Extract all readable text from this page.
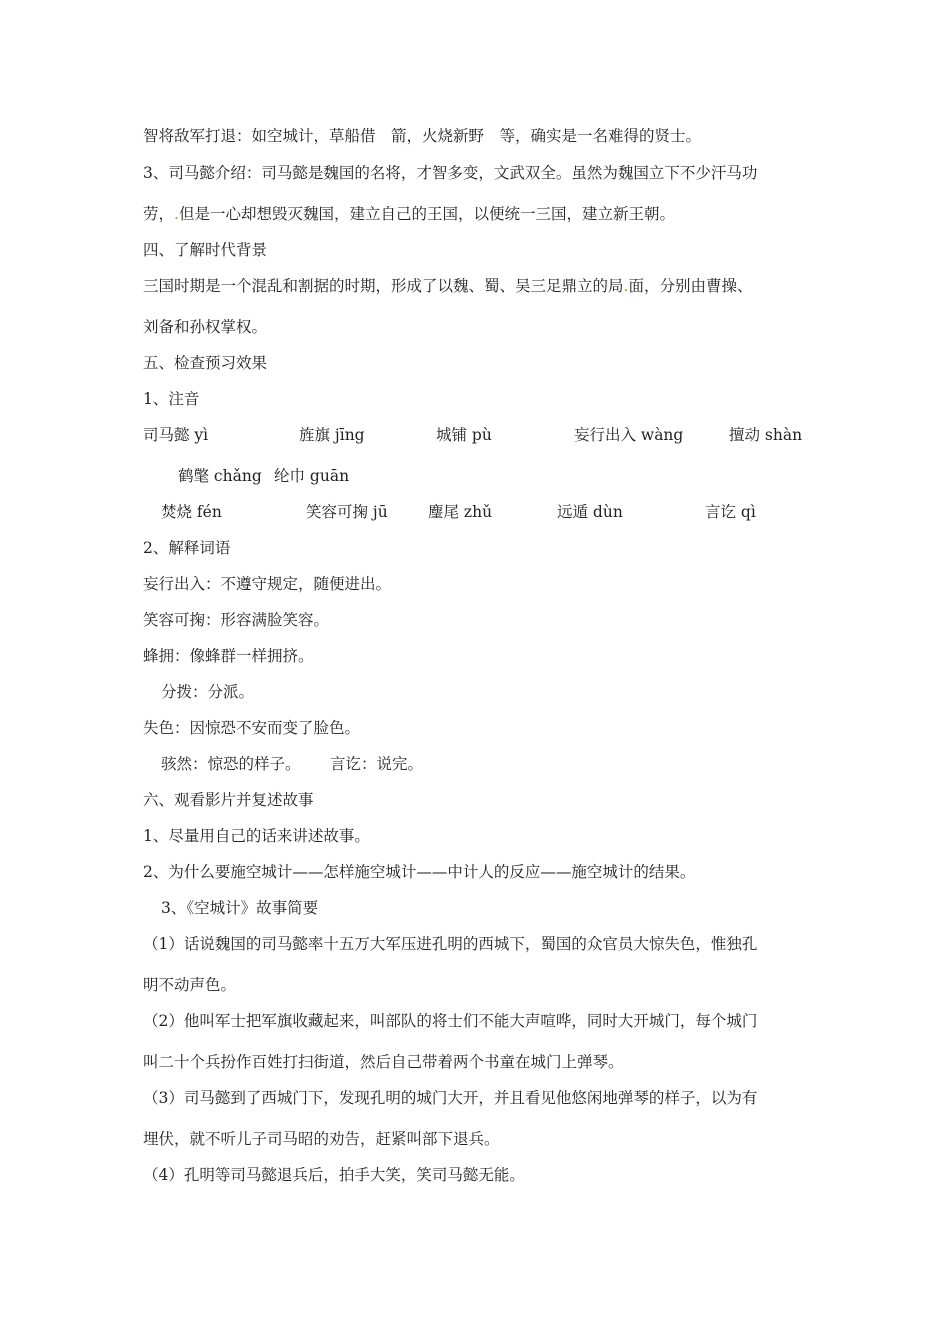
智将敌军打退：如空城计，草船借　箭，火烧新野　等，确实是一名难得的贤士。
3、司马懿介绍：司马懿是魏国的名将，才智多变，文武双全。虽然为魏国立下不少汗马功
劳，.但是一心却想毁灭魏国，建立自己的王国，以便统一三国，建立新王朝。
四、了解时代背景
三国时期是一个混乱和割据的时期，形成了以魏、蜀、吴三足鼎立的局.面，分别由曹操、
刘备和孙权掌权。
五、检查预习效果
1、注音
司马懿 yì	旌旗 jīng	城铺 pù	妄行出入 wàng	擅动 shàn
鹤氅 chǎng 纶巾 guān
焚烧 fén	笑容可掬 jū	麈尾 zhǔ	远遁 dùn	言讫 qì
2、解释词语
妄行出入：不遵守规定，随便进出。
笑容可掬：形容满脸笑容。
蜂拥：像蜂群一样拥挤。
分拨：分派。
失色：因惊恐不安而变了脸色。
骇然：惊恐的样子。 言讫：说完。
六、观看影片并复述故事
1、尽量用自己的话来讲述故事。
2、为什么要施空城计——怎样施空城计——中计人的反应——施空城计的结果。
3、《空城计》故事简要
（1）话说魏国的司马懿率十五万大军压进孔明的西城下，蜀国的众官员大惊失色，惟独孔
明不动声色。
（2）他叫军士把军旗收藏起来，叫部队的将士们不能大声喧哗，同时大开城门，每个城门
叫二十个兵扮作百姓打扫街道，然后自己带着两个书童在城门上弹琴。
（3）司马懿到了西城门下，发现孔明的城门大开，并且看见他悠闲地弹琴的样子，以为有
埋伏，就不听儿子司马昭的劝告，赶紧叫部下退兵。
（4）孔明等司马懿退兵后，拍手大笑，笑司马懿无能。
